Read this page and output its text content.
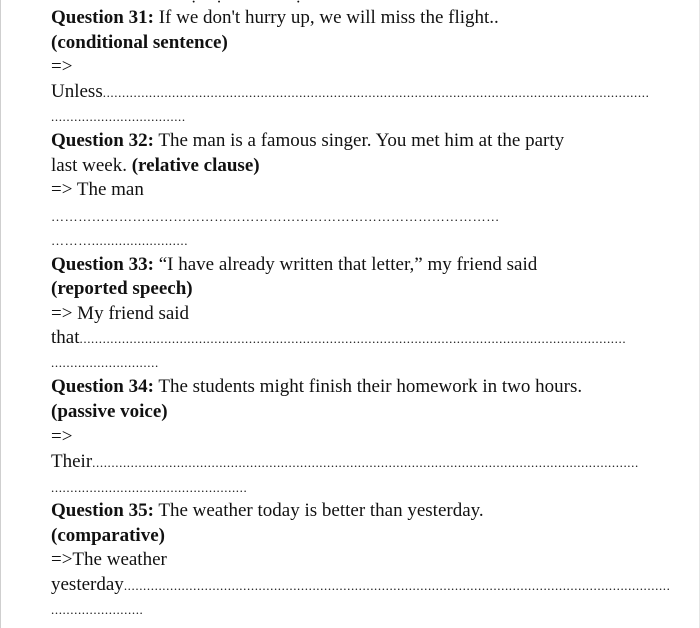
·   ·            ·
Question 31: If we don't hurry up, we will miss the flight..
(conditional sentence)
=>
Unless..............................................................................................................................................
...................................
Question 32: The man is a famous singer. You met him at the party
last week. (relative clause)
=> The man
………………………………………………………………………………………
……….........................
Question 33: “I have already written that letter,” my friend said
(reported speech)
=> My friend said
that..............................................................................................................................................
............................
Question 34: The students might finish their homework in two hours.
(passive voice)
=>
Their..............................................................................................................................................
...................................................
Question 35: The weather today is better than yesterday.
(comparative)
=>The weather
yesterday..............................................................................................................................................
........................
